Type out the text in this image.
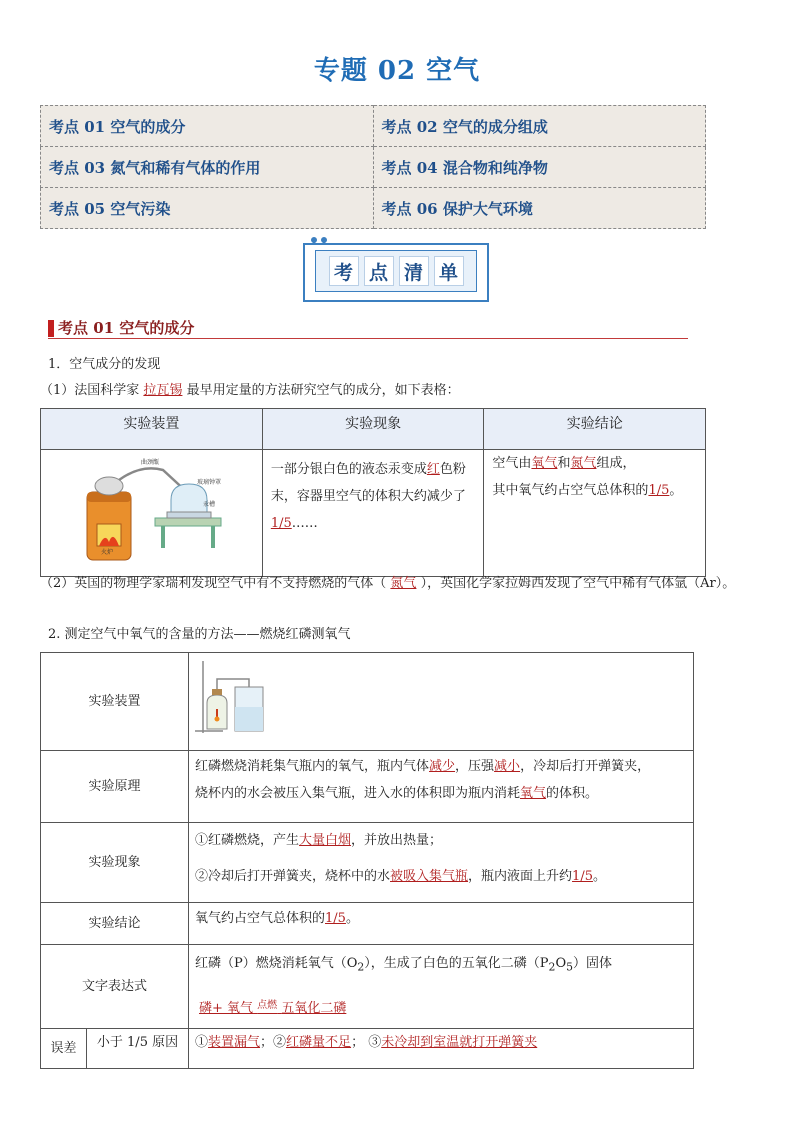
专题 02 空气
考点 01 空气的成分	考点 02 空气的成分组成
考点 03 氮气和稀有气体的作用	考点 04 混合物和纯净物
考点 05 空气污染	考点 06 保护大气环境
考 点 清 单
考点 01 空气的成分
1．空气成分的发现
（1）法国科学家 拉瓦锡 最早用定量的方法研究空气的成分，如下表格：
实验装置	实验现象	实验结论

火炉
曲颈甑
玻璃钟罩
汞槽	一部分银白色的液态汞变成红色粉末，容器里空气的体积大约减少了 1/5……	空气由氧气和氮气组成，
其中氧气约占空气总体积的1/5。
（2）英国的物理学家瑞利发现空气中有不支持燃烧的气体（ 氮气 ），英国化学家拉姆西发现了空气中稀有气体氩（Ar）。
2. 测定空气中氧气的含量的方法——燃烧红磷测氧气
实验装置	
实验原理		红磷燃烧消耗集气瓶内的氧气，瓶内气体减少，压强减小，冷却后打开弹簧夹，
烧杯内的水会被压入集气瓶，进入水的体积即为瓶内消耗氧气的体积。
实验现象		①红磷燃烧，产生大量白烟，并放出热量；
②冷却后打开弹簧夹，烧杯中的水被吸入集气瓶，瓶内液面上升约1/5。
实验结论		氧气约占空气总体积的1/5。
文字表达式		红磷（P）燃烧消耗氧气$(O_2)$，生成了白色的五氧化二磷$(P_2O_5)$固体
磷+ 氧气 $^{点燃}$ 五氧化二磷
误差	小于 1/5 原因	①装置漏气；②红磷量不足； ③未冷却到室温就打开弹簧夹
